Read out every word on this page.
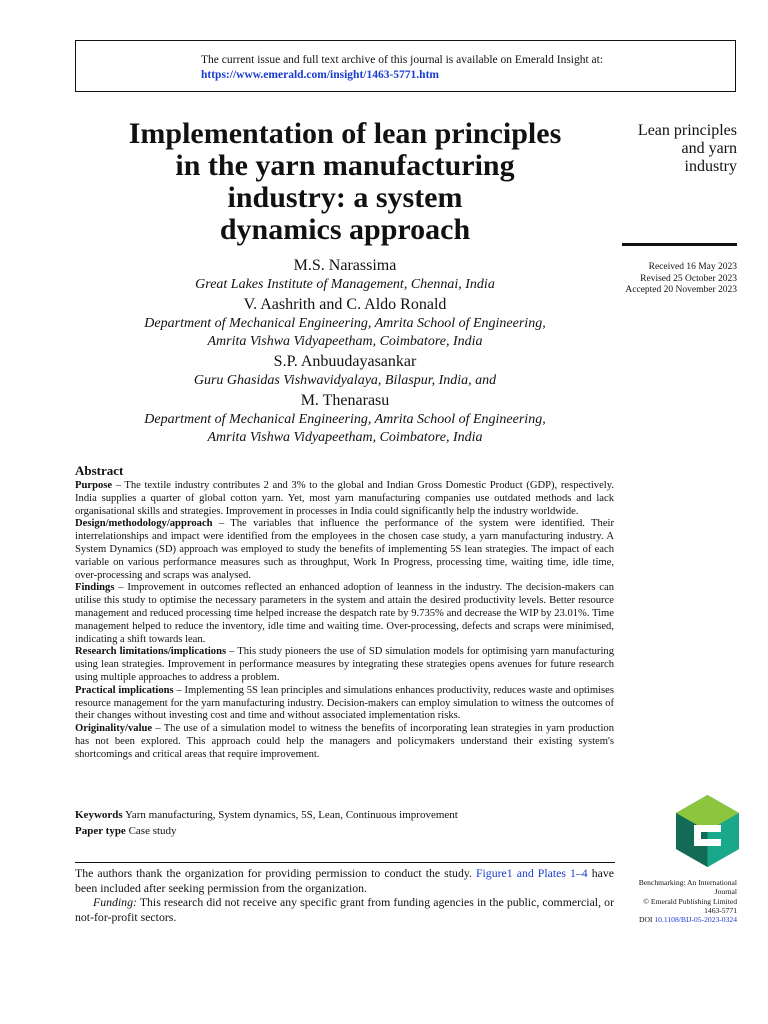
The current issue and full text archive of this journal is available on Emerald Insight at:
https://www.emerald.com/insight/1463-5771.htm
Implementation of lean principles
in the yarn manufacturing
industry: a system
dynamics approach
Lean principles
and yarn
industry
Received 16 May 2023
Revised 25 October 2023
Accepted 20 November 2023
M.S. Narassima
Great Lakes Institute of Management, Chennai, India
V. Aashrith and C. Aldo Ronald
Department of Mechanical Engineering, Amrita School of Engineering,
Amrita Vishwa Vidyapeetham, Coimbatore, India
S.P. Anbuudayasankar
Guru Ghasidas Vishwavidyalaya, Bilaspur, India, and
M. Thenarasu
Department of Mechanical Engineering, Amrita School of Engineering,
Amrita Vishwa Vidyapeetham, Coimbatore, India
Abstract

Purpose – The textile industry contributes 2 and 3% to the global and Indian Gross Domestic Product (GDP), respectively. India supplies a quarter of global cotton yarn. Yet, most yarn manufacturing companies use outdated methods and lack organisational skills and strategies. Improvement in processes in India could significantly help the industry worldwide.

Design/methodology/approach – The variables that influence the performance of the system were identified. Their interrelationships and impact were identified from the employees in the chosen case study, a yarn manufacturing industry. A System Dynamics (SD) approach was employed to study the benefits of implementing 5S lean strategies. The impact of each variable on various performance measures such as throughput, Work In Progress, processing time, waiting time, idle time, over-processing and scraps was analysed.

Findings – Improvement in outcomes reflected an enhanced adoption of leanness in the industry. The decision-makers can utilise this study to optimise the necessary parameters in the system and attain the desired productivity levels. Better resource management and reduced processing time helped increase the despatch rate by 9.735% and decrease the WIP by 23.01%. Time management helped to reduce the inventory, idle time and waiting time. Over-processing, defects and scraps were minimised, indicating a shift towards lean.

Research limitations/implications – This study pioneers the use of SD simulation models for optimising yarn manufacturing using lean strategies. Improvement in performance measures by integrating these strategies opens avenues for future research using multiple approaches to address a problem.

Practical implications – Implementing 5S lean principles and simulations enhances productivity, reduces waste and optimises resource management for the yarn manufacturing industry. Decision-makers can employ simulation to witness the outcomes of their changes without investing cost and time and without associated implementation risks.

Originality/value – The use of a simulation model to witness the benefits of incorporating lean strategies in yarn production has not been explored. This approach could help the managers and policymakers understand their existing system's shortcomings and critical areas that require improvement.

Keywords Yarn manufacturing, System dynamics, 5S, Lean, Continuous improvement
Paper type Case study

The authors thank the organization for providing permission to conduct the study. Figure1 and Plates 1–4 have been included after seeking permission from the organization.

Funding: This research did not receive any specific grant from funding agencies in the public, commercial, or not-for-profit sectors.

Benchmarking: An International
Journal
© Emerald Publishing Limited
1463-5771
DOI 10.1108/BIJ-05-2023-0324
